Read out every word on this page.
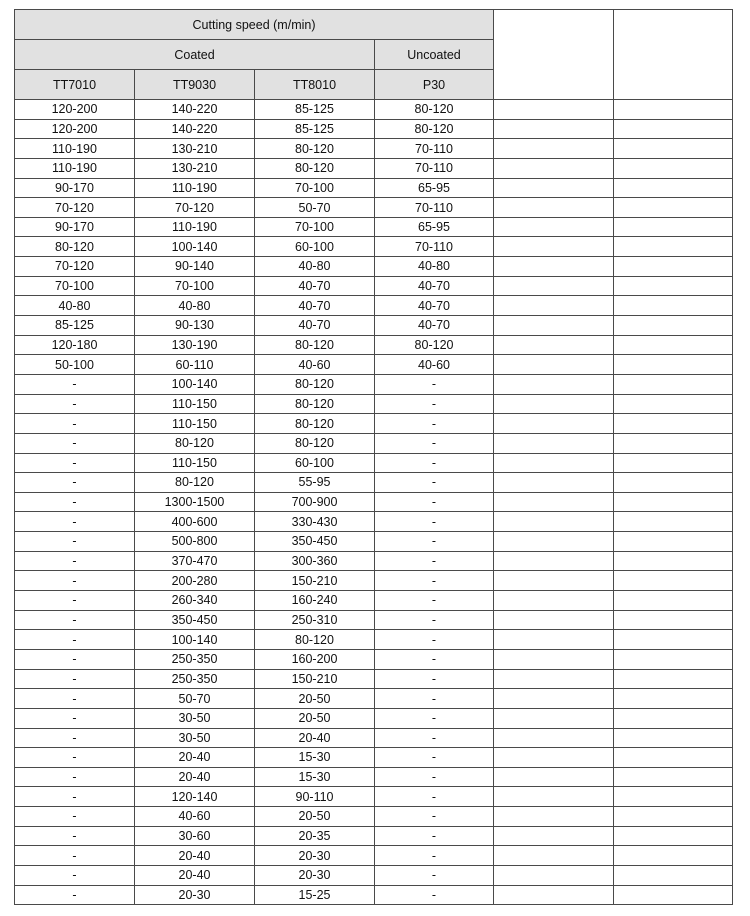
Cutting speed (m/min)					
Coated			Uncoated		
TT7010	TT9030	TT8010	P30		
120-200	140-220	85-125	80-120		
120-200	140-220	85-125	80-120		
110-190	130-210	80-120	70-110		
110-190	130-210	80-120	70-110		
90-170	110-190	70-100	65-95		
70-120	70-120	50-70	70-110		
90-170	110-190	70-100	65-95		
80-120	100-140	60-100	70-110		
70-120	90-140	40-80	40-80		
70-100	70-100	40-70	40-70		
40-80	40-80	40-70	40-70		
85-125	90-130	40-70	40-70		
120-180	130-190	80-120	80-120		
50-100	60-110	40-60	40-60		
-	100-140	80-120	-		
-	110-150	80-120	-		
-	110-150	80-120	-		
-	80-120	80-120	-		
-	110-150	60-100	-		
-	80-120	55-95	-		
-	1300-1500	700-900	-		
-	400-600	330-430	-		
-	500-800	350-450	-		
-	370-470	300-360	-		
-	200-280	150-210	-		
-	260-340	160-240	-		
-	350-450	250-310	-		
-	100-140	80-120	-		
-	250-350	160-200	-		
-	250-350	150-210	-		
-	50-70	20-50	-		
-	30-50	20-50	-		
-	30-50	20-40	-		
-	20-40	15-30	-		
-	20-40	15-30	-		
-	120-140	90-110	-		
-	40-60	20-50	-		
-	30-60	20-35	-		
-	20-40	20-30	-		
-	20-40	20-30	-		
-	20-30	15-25	-		
